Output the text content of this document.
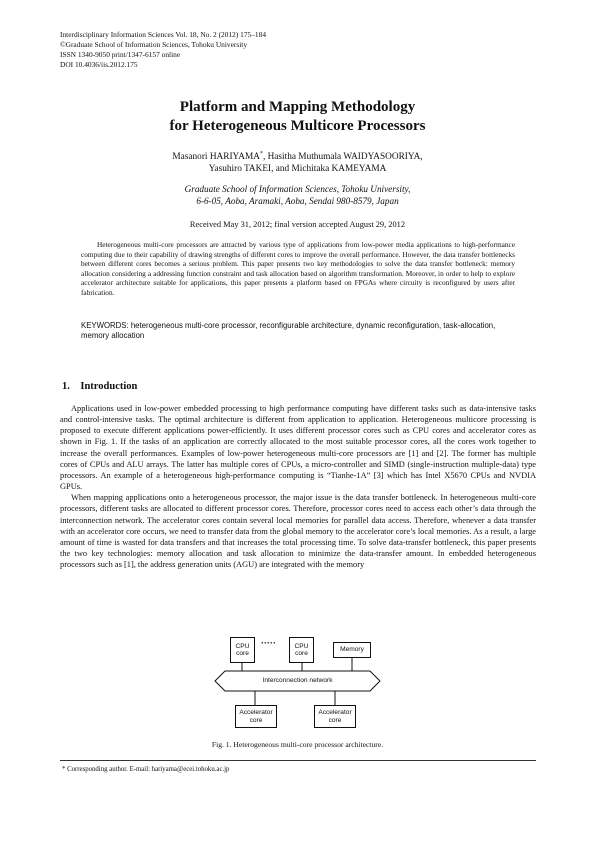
Interdisciplinary Information Sciences Vol. 18, No. 2 (2012) 175–184
©Graduate School of Information Sciences, Tohoku University
ISSN 1340-9050 print/1347-6157 online
DOI 10.4036/iis.2012.175
Platform and Mapping Methodology
for Heterogeneous Multicore Processors
Masanori HARIYAMA*, Hasitha Muthumala WAIDYASOORIYA,
Yasuhiro TAKEI, and Michitaka KAMEYAMA
Graduate School of Information Sciences, Tohoku University,
6-6-05, Aoba, Aramaki, Aoba, Sendai 980-8579, Japan
Received May 31, 2012; final version accepted August 29, 2012
Heterogeneous multi-core processors are attracted by various type of applications from low-power media applications to high-performance computing due to their capability of drawing strengths of different cores to improve the overall performance. However, the data transfer bottlenecks between different cores becomes a serious problem. This paper presents two key methodologies to solve the data transfer bottleneck: memory allocation considering a addressing function constraint and task allocation based on algorithm transformation. Moreover, in order to help to explore accelerator architecture suitable for applications, this paper presents a platform based on FPGAs where circuity is reconfigured by users after fabrication.
KEYWORDS: heterogeneous multi-core processor, reconfigurable architecture, dynamic reconfiguration, task-allocation, memory allocation
1. Introduction

Applications used in low-power embedded processing to high performance computing have different tasks such as data-intensive tasks and control-intensive tasks. The optimal architecture is different from application to application. Heterogeneous multicore processing is proposed to execute different applications power-efficiently. It uses different processor cores such as CPU cores and accelerator cores as shown in Fig. 1. If the tasks of an application are correctly allocated to the most suitable processor cores, all the cores work together to increase the overall performances. Examples of low-power heterogeneous multi-core processors are [1] and [2]. The former has multiple cores of CPUs and ALU arrays. The latter has multiple cores of CPUs, a micro-controller and SIMD (single-instruction multiple-data) type processors. An example of a heterogeneous high-performance computing is “Tianhe-1A” [3] which has Intel X5670 CPUs and NVDIA GPUs.

When mapping applications onto a heterogeneous processor, the major issue is the data transfer bottleneck. In heterogeneous multi-core processors, different tasks are allocated to different processor cores. Therefore, processor cores need to access each other’s data through the interconnection network. The accelerator cores contain several local memories for parallel data access. Therefore, whenever a data transfer with an accelerator core occurs, we need to transfer data from the global memory to the accelerator core’s local memories. As a result, a large amount of time is wasted for data transfers and that increases the total processing time. To solve data-transfer bottleneck, this paper presents the two key technologies: memory allocation and task allocation to minimize the data-transfer amount. In embedded heterogeneous processors such as [1], the address generation units (AGU) are integrated with the memory

CPU
core
·····	CPU
core
Memory
Interconnection network
Accelerator
core
Accelerator
core
Fig. 1. Heterogeneous multi-core processor architecture.
* Corresponding author. E-mail: hariyama@ecei.tohoku.ac.jp
